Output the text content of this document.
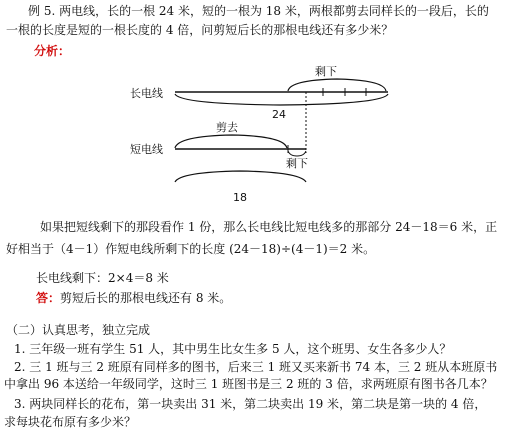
例 5. 两电线，长的一根 24 米，短的一根为 18 米，两根都剪去同样长的一段后，长的
一根的长度是短的一根长度的 4 倍，问剪短后长的那根电线还有多少米？
分析：
长电线
剩下
24
短电线
剪去
剩下
18
如果把短线剩下的那段看作 1 份，那么长电线比短电线多的那部分 24－18＝6 米，正
好相当于（4－1）作短电线所剩下的长度 (24－18)÷(4－1)＝2 米。
长电线剩下：2×4＝8 米
答：剪短后长的那根电线还有 8 米。
（二）认真思考，独立完成
1. 三年级一班有学生 51 人，其中男生比女生多 5 人，这个班男、女生各多少人？
2. 三 1 班与三 2 班原有同样多的图书，后来三 1 班又买来新书 74 本，三 2 班从本班原书
中拿出 96 本送给一年级同学，这时三 1 班图书是三 2 班的 3 倍，求两班原有图书各几本？
3. 两块同样长的花布，第一块卖出 31 米，第二块卖出 19 米，第二块是第一块的 4 倍，
求每块花布原有多少米？
